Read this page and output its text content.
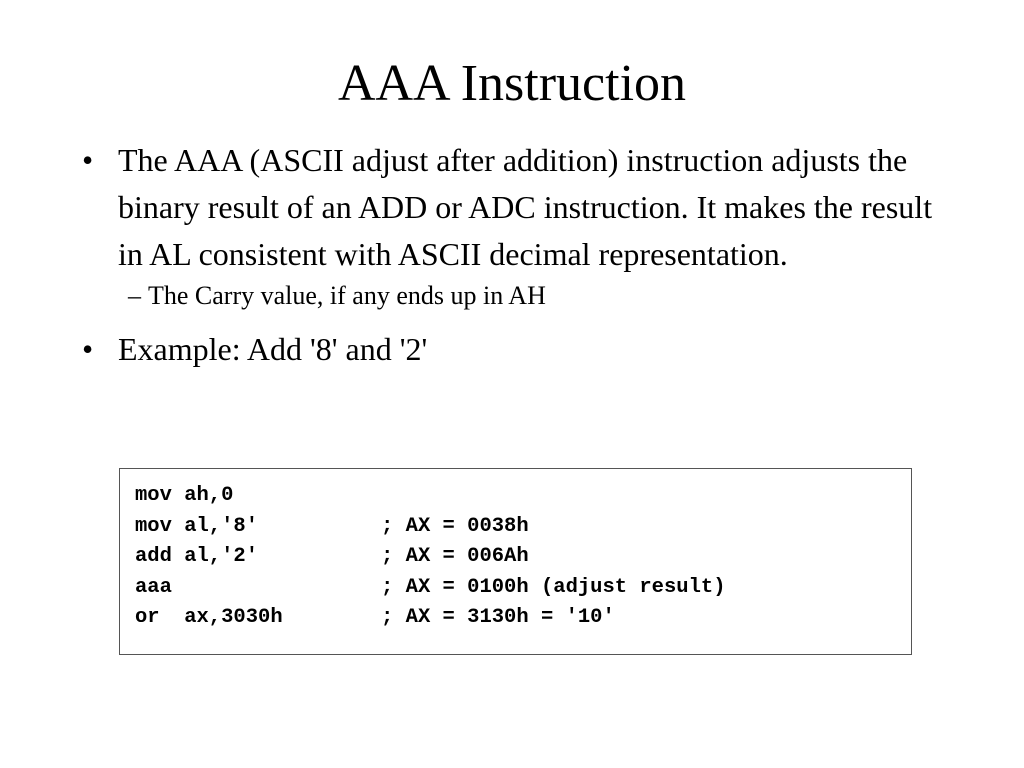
AAA Instruction
• The AAA (ASCII adjust after addition) instruction adjusts the binary result of an ADD or ADC instruction. It makes the result in AL consistent with ASCII decimal representation.
– The Carry value, if any ends up in AH
• Example: Add '8' and '2'
mov ah,0
mov al,'8'          ; AX = 0038h
add al,'2'          ; AX = 006Ah
aaa                 ; AX = 0100h (adjust result)
or  ax,3030h        ; AX = 3130h = '10'
